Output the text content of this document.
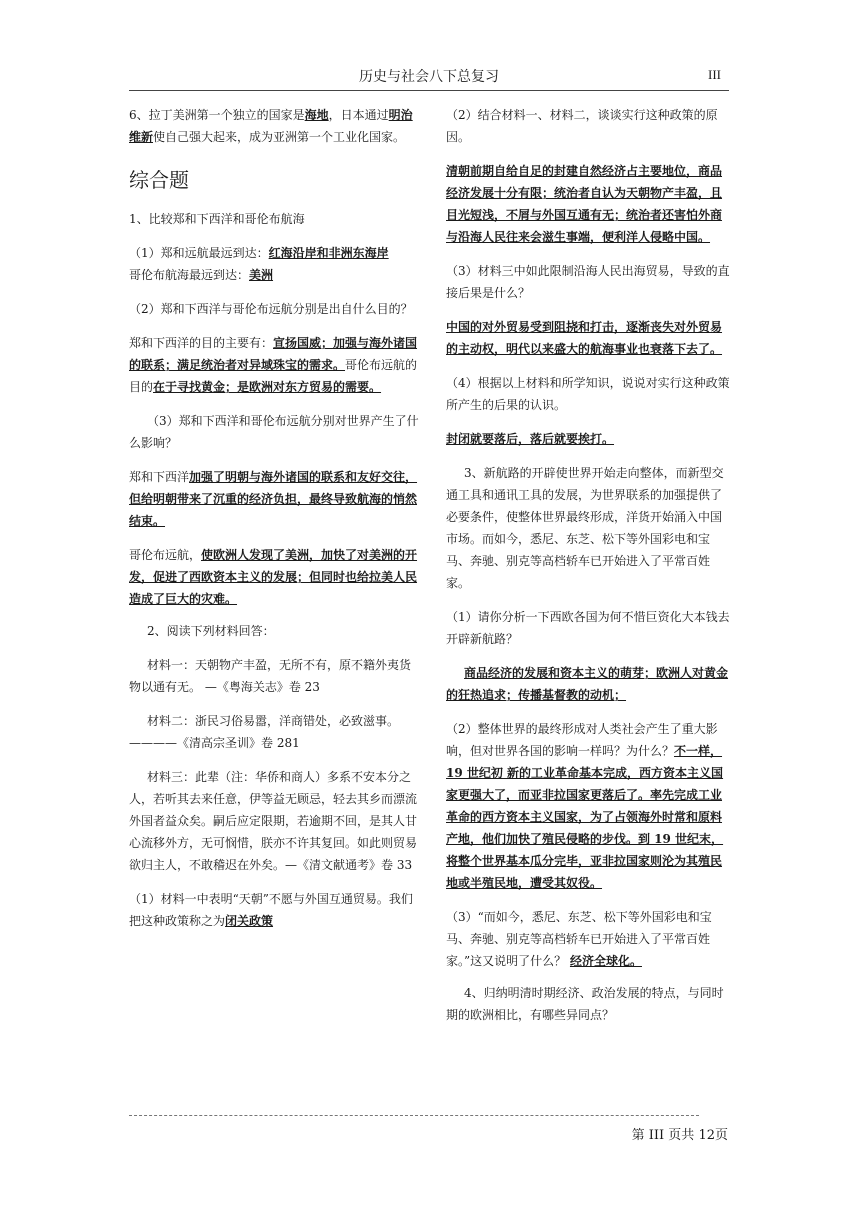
历史与社会八下总复习	III

6、拉丁美洲第一个独立的国家是海地，日本通过明治维新使自己强大起来，成为亚洲第一个工业化国家。

综合题

1、比较郑和下西洋和哥伦布航海

（1）郑和远航最远到达：红海沿岸和非洲东海岸
哥伦布航海最远到达：美洲

（2）郑和下西洋与哥伦布远航分别是出自什么目的？

郑和下西洋的目的主要有：宣扬国威；加强与海外诸国的联系；满足统治者对异域珠宝的需求。哥伦布远航的目的在于寻找黄金；是欧洲对东方贸易的需要。

（3）郑和下西洋和哥伦布远航分别对世界产生了什么影响？

郑和下西洋加强了明朝与海外诸国的联系和友好交往，但给明朝带来了沉重的经济负担，最终导致航海的悄然结束。

哥伦布远航，使欧洲人发现了美洲，加快了对美洲的开发，促进了西欧资本主义的发展；但同时也给拉美人民造成了巨大的灾难。

2、阅读下列材料回答：

材料一：天朝物产丰盈，无所不有，原不籍外夷货物以通有无。 —《粤海关志》卷 23

材料二：浙民习俗易嚣，洋商错处，必致滋事。————《清高宗圣训》卷 281

材料三：此辈（注：华侨和商人）多系不安本分之人，若听其去来任意，伊等益无顾忌，轻去其乡而漂流外国者益众矣。嗣后应定限期，若逾期不回，是其人甘心流移外方，无可悯惜，朕亦不许其复回。如此则贸易欲归主人，不敢稽迟在外矣。—《清文献通考》卷 33

（1）材料一中表明“天朝”不愿与外国互通贸易。我们把这种政策称之为闭关政策

（2）结合材料一、材料二，谈谈实行这种政策的原因。

清朝前期自给自足的封建自然经济占主要地位，商品经济发展十分有限；统治者自认为天朝物产丰盈，且目光短浅，不屑与外国互通有无；统治者还害怕外商与沿海人民往来会滋生事端，便利洋人侵略中国。

（3）材料三中如此限制沿海人民出海贸易，导致的直接后果是什么？

中国的对外贸易受到阻挠和打击，逐渐丧失对外贸易的主动权，明代以来盛大的航海事业也衰落下去了。

（4）根据以上材料和所学知识，说说对实行这种政策所产生的后果的认识。

封闭就要落后，落后就要挨打。

3、新航路的开辟使世界开始走向整体，而新型交通工具和通讯工具的发展，为世界联系的加强提供了必要条件，使整体世界最终形成，洋货开始涌入中国市场。而如今，悉尼、东芝、松下等外国彩电和宝马、奔驰、别克等高档轿车已开始进入了平常百姓家。

（1）请你分析一下西欧各国为何不惜巨资化大本钱去开辟新航路？

商品经济的发展和资本主义的萌芽；欧洲人对黄金的狂热追求；传播基督教的动机；

（2）整体世界的最终形成对人类社会产生了重大影响，但对世界各国的影响一样吗？为什么？不一样， 19 世纪初 新的工业革命基本完成，西方资本主义国家更强大了，而亚非拉国家更落后了。率先完成工业革命的西方资本主义国家，为了占领海外时常和原料产地，他们加快了殖民侵略的步伐。到 19 世纪末，将整个世界基本瓜分完毕，亚非拉国家则沦为其殖民地或半殖民地，遭受其奴役。

（3）“而如今，悉尼、东芝、松下等外国彩电和宝马、奔驰、别克等高档轿车已开始进入了平常百姓家。”这又说明了什么？ 经济全球化。

4、归纳明清时期经济、政治发展的特点，与同时期的欧洲相比，有哪些异同点？

第 III 页共 12页
